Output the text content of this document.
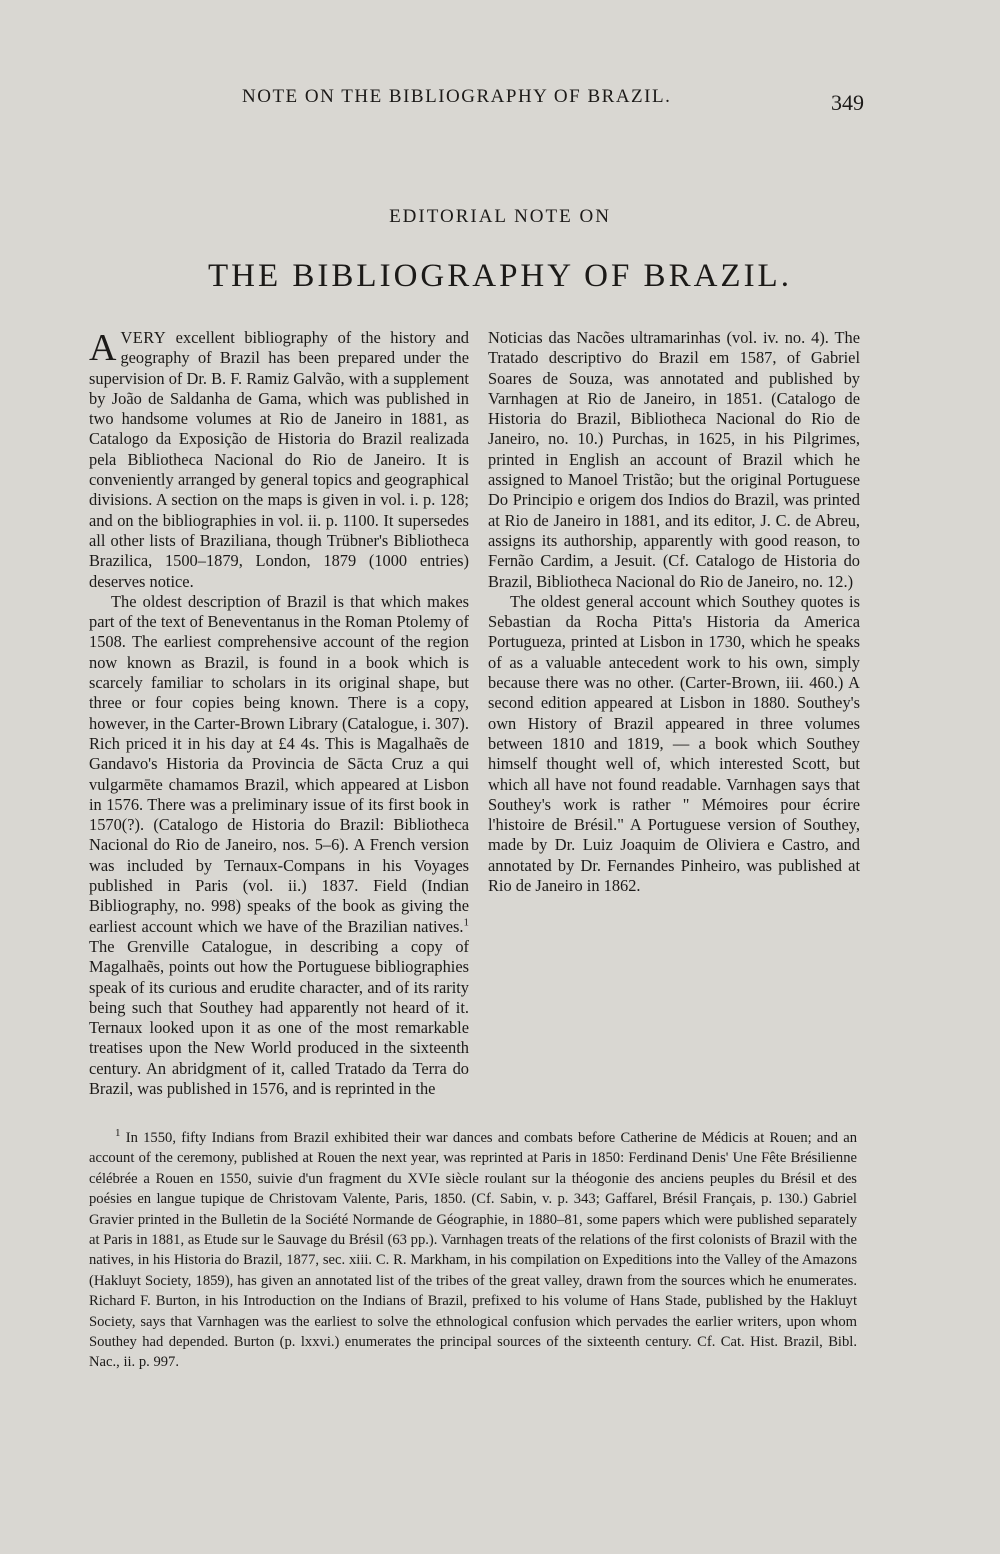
NOTE ON THE BIBLIOGRAPHY OF BRAZIL.	349
EDITORIAL NOTE ON
THE BIBLIOGRAPHY OF BRAZIL.

AVERY excellent bibliography of the history and geography of Brazil has been prepared under the supervision of Dr. B. F. Ramiz Galvão, with a supplement by João de Saldanha de Gama, which was published in two handsome volumes at Rio de Janeiro in 1881, as Catalogo da Exposição de Historia do Brazil realizada pela Bibliotheca Nacional do Rio de Janeiro. It is conveniently arranged by general topics and geographical divisions. A section on the maps is given in vol. i. p. 128; and on the bibliographies in vol. ii. p. 1100. It supersedes all other lists of Braziliana, though Trübner's Bibliotheca Brazilica, 1500–1879, London, 1879 (1000 entries) deserves notice.

The oldest description of Brazil is that which makes part of the text of Beneventanus in the Roman Ptolemy of 1508. The earliest comprehensive account of the region now known as Brazil, is found in a book which is scarcely familiar to scholars in its original shape, but three or four copies being known. There is a copy, however, in the Carter-Brown Library (Catalogue, i. 307). Rich priced it in his day at £4 4s. This is Magalhaẽs de Gandavo's Historia da Provincia de Sācta Cruz a qui vulgarmēte chamamos Brazil, which appeared at Lisbon in 1576. There was a preliminary issue of its first book in 1570(?). (Catalogo de Historia do Brazil: Bibliotheca Nacional do Rio de Janeiro, nos. 5–6). A French version was included by Ternaux-Compans in his Voyages published in Paris (vol. ii.) 1837. Field (Indian Bibliography, no. 998) speaks of the book as giving the earliest account which we have of the Brazilian natives.$^1$ The Grenville Catalogue, in describing a copy of Magalhaẽs, points out how the Portuguese bibliographies speak of its curious and erudite character, and of its rarity being such that Southey had apparently not heard of it. Ternaux looked upon it as one of the most remarkable treatises upon the New World produced in the sixteenth century. An abridgment of it, called Tratado da Terra do Brazil, was published in 1576, and is reprinted in the

Noticias das Nacões ultramarinhas (vol. iv. no. 4). The Tratado descriptivo do Brazil em 1587, of Gabriel Soares de Souza, was annotated and published by Varnhagen at Rio de Janeiro, in 1851. (Catalogo de Historia do Brazil, Bibliotheca Nacional do Rio de Janeiro, no. 10.) Purchas, in 1625, in his Pilgrimes, printed in English an account of Brazil which he assigned to Manoel Tristão; but the original Portuguese Do Principio e origem dos Indios do Brazil, was printed at Rio de Janeiro in 1881, and its editor, J. C. de Abreu, assigns its authorship, apparently with good reason, to Fernão Cardim, a Jesuit. (Cf. Catalogo de Historia do Brazil, Bibliotheca Nacional do Rio de Janeiro, no. 12.)

The oldest general account which Southey quotes is Sebastian da Rocha Pitta's Historia da America Portugueza, printed at Lisbon in 1730, which he speaks of as a valuable antecedent work to his own, simply because there was no other. (Carter-Brown, iii. 460.) A second edition appeared at Lisbon in 1880. Southey's own History of Brazil appeared in three volumes between 1810 and 1819, — a book which Southey himself thought well of, which interested Scott, but which all have not found readable. Varnhagen says that Southey's work is rather " Mémoires pour écrire l'histoire de Brésil." A Portuguese version of Southey, made by Dr. Luiz Joaquim de Oliviera e Castro, and annotated by Dr. Fernandes Pinheiro, was published at Rio de Janeiro in 1862.

$^1$ In 1550, fifty Indians from Brazil exhibited their war dances and combats before Catherine de Médicis at Rouen; and an account of the ceremony, published at Rouen the next year, was reprinted at Paris in 1850: Ferdinand Denis' Une Fête Brésilienne célébrée a Rouen en 1550, suivie d'un fragment du XVIe siècle roulant sur la théogonie des anciens peuples du Brésil et des poésies en langue tupique de Christovam Valente, Paris, 1850. (Cf. Sabin, v. p. 343; Gaffarel, Brésil Français, p. 130.) Gabriel Gravier printed in the Bulletin de la Société Normande de Géographie, in 1880–81, some papers which were published separately at Paris in 1881, as Etude sur le Sauvage du Brésil (63 pp.). Varnhagen treats of the relations of the first colonists of Brazil with the natives, in his Historia do Brazil, 1877, sec. xiii. C. R. Markham, in his compilation on Expeditions into the Valley of the Amazons (Hakluyt Society, 1859), has given an annotated list of the tribes of the great valley, drawn from the sources which he enumerates. Richard F. Burton, in his Introduction on the Indians of Brazil, prefixed to his volume of Hans Stade, published by the Hakluyt Society, says that Varnhagen was the earliest to solve the ethnological confusion which pervades the earlier writers, upon whom Southey had depended. Burton (p. lxxvi.) enumerates the principal sources of the sixteenth century. Cf. Cat. Hist. Brazil, Bibl. Nac., ii. p. 997.
